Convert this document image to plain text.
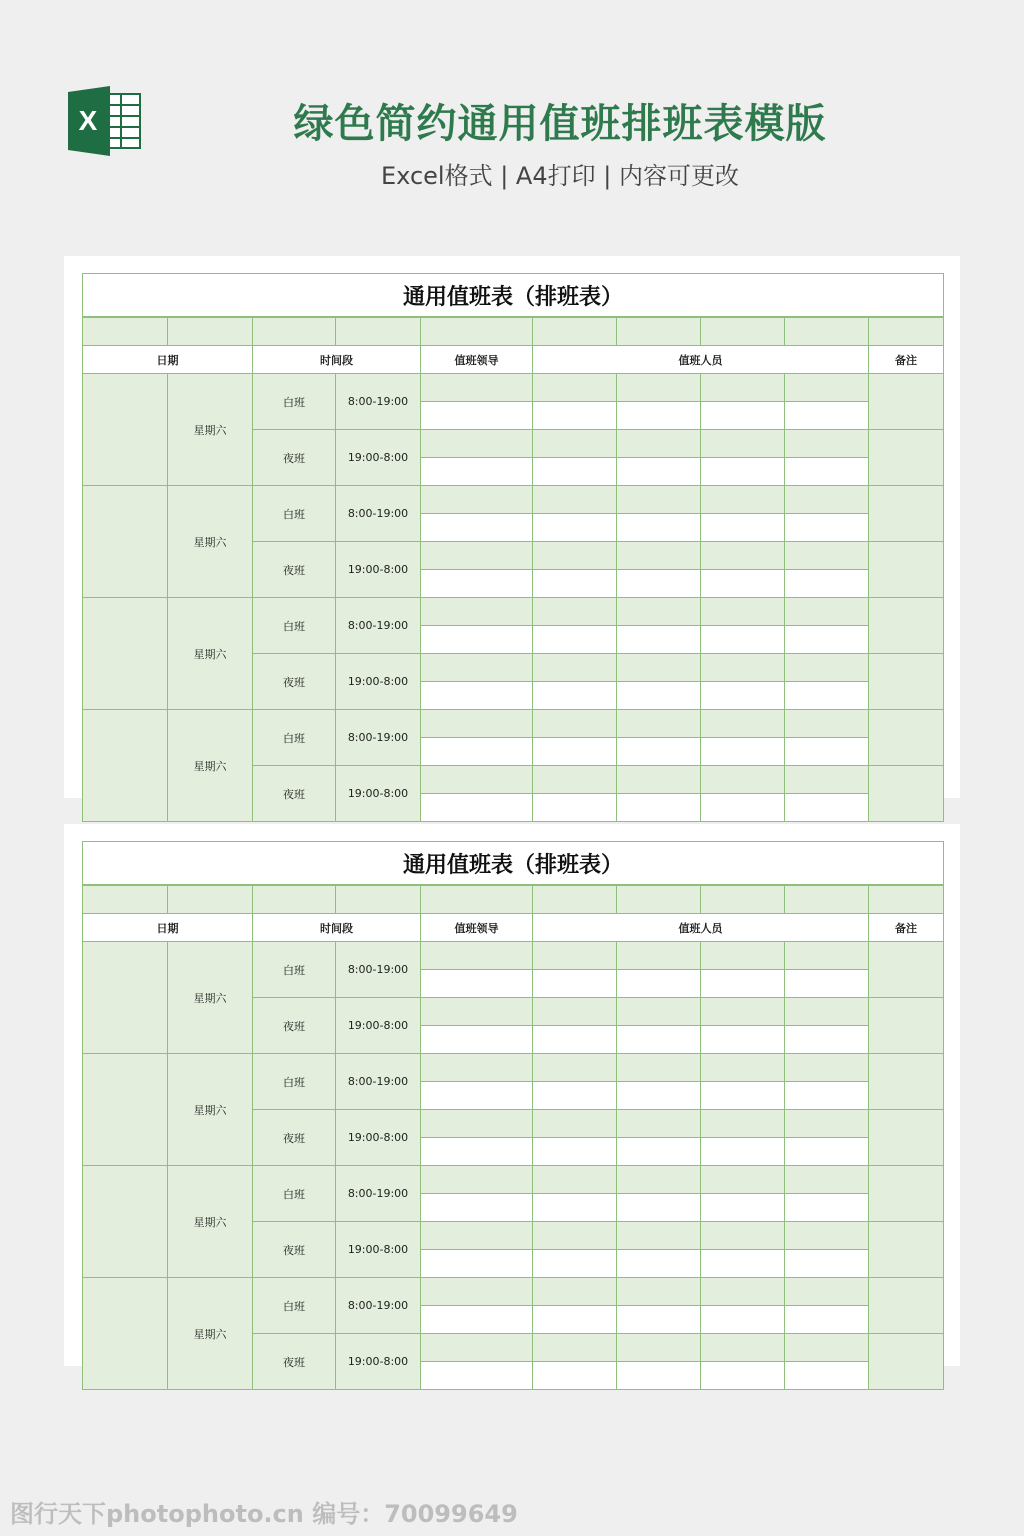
X	绿色简约通用值班排班表模版
Excel格式 | A4打印 | 内容可更改
通用值班表（排班表）									

日期		时间段		值班领导	值班人员				备注
	星期六	白班	8:00-19:00						

		夜班	19:00-8:00						

	星期六	白班	8:00-19:00						

		夜班	19:00-8:00						

	星期六	白班	8:00-19:00						

		夜班	19:00-8:00						

	星期六	白班	8:00-19:00						

		夜班	19:00-8:00						

通用值班表（排班表）									

日期		时间段		值班领导	值班人员				备注
	星期六	白班	8:00-19:00						

		夜班	19:00-8:00						

	星期六	白班	8:00-19:00						

		夜班	19:00-8:00						

	星期六	白班	8:00-19:00						

		夜班	19:00-8:00						

	星期六	白班	8:00-19:00						

		夜班	19:00-8:00						

图行天下photophoto.cn 编号：70099649
